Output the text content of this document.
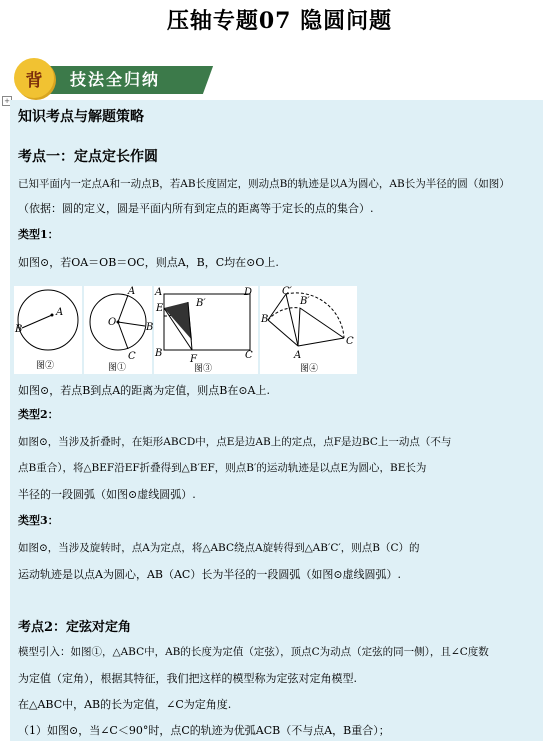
压轴专题07 隐圆问题
背	技法全归纳
+
知识考点与解题策略
考点一：定点定长作圆
已知平面内一定点A和一动点B，若AB长度固定，则动点B的轨迹是以A为圆心，AB长为半径的圆（如图）
（依据：圆的定义，圆是平面内所有到定点的距离等于定长的点的集合）.
类型1：
如图⊙，若OA＝OB＝OC，则点A，B，C均在⊙O上.
B
A
图②
A
O	B
C
图①
A	D
E	B′
B
F	C
图③
C′
B′
B
A
C
图④
如图⊙，若点B到点A的距离为定值，则点B在⊙A上.
类型2：
如图⊙，当涉及折叠时，在矩形ABCD中，点E是边AB上的定点，点F是边BC上一动点（不与
点B重合），将△BEF沿EF折叠得到△B′EF，则点B′的运动轨迹是以点E为圆心，BE长为
半径的一段圆弧（如图⊙虚线圆弧）.
类型3：
如图⊙，当涉及旋转时，点A为定点，将△ABC绕点A旋转得到△AB′C′，则点B（C）的
运动轨迹是以点A为圆心，AB（AC）长为半径的一段圆弧（如图⊙虚线圆弧）.
考点2：定弦对定角
模型引入：如图①，△ABC中，AB的长度为定值（定弦），顶点C为动点（定弦的同一侧），且∠C度数
为定值（定角），根据其特征，我们把这样的模型称为定弦对定角模型.
在△ABC中，AB的长为定值，∠C为定角度.
（1）如图⊙，当∠C＜90°时，点C的轨迹为优弧ACB（不与点A，B重合）；
